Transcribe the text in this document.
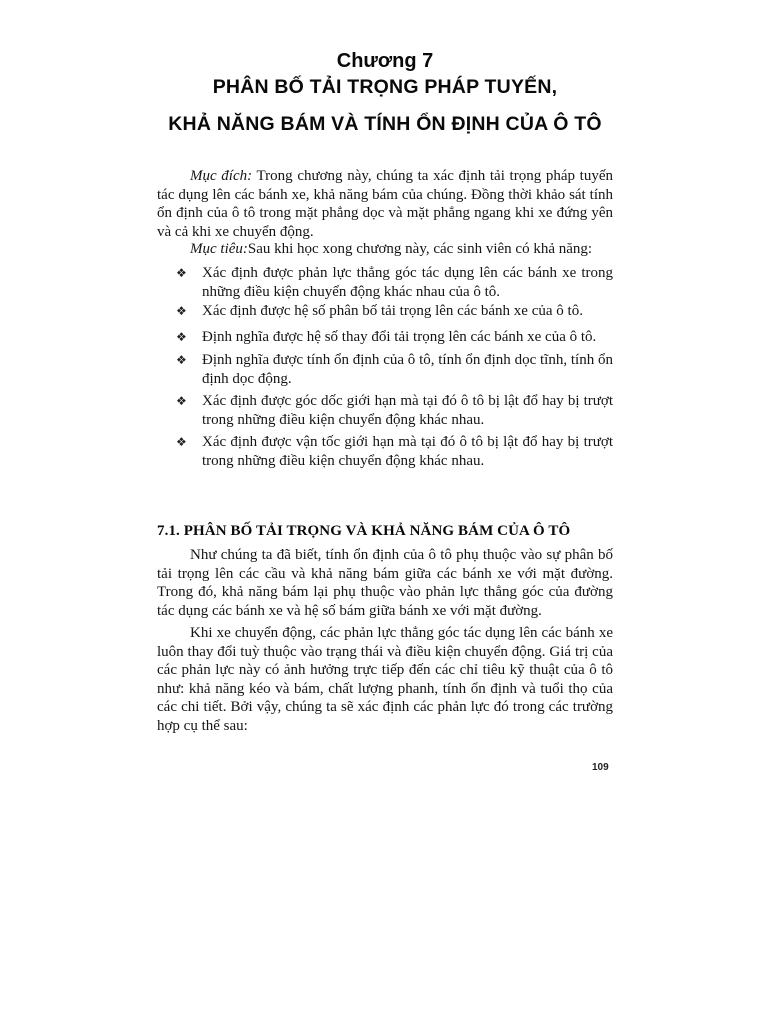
Chương 7
PHÂN BỐ TẢI TRỌNG PHÁP TUYẾN,
KHẢ NĂNG BÁM VÀ TÍNH ỔN ĐỊNH CỦA Ô TÔ

Mục đích: Trong chương này, chúng ta xác định tải trọng pháp tuyến tác dụng lên các bánh xe, khả năng bám của chúng. Đồng thời khảo sát tính ổn định của ô tô trong mặt phẳng dọc và mặt phẳng ngang khi xe đứng yên và cả khi xe chuyển động.

Mục tiêu:Sau khi học xong chương này, các sinh viên có khả năng:

❖	Xác định được phản lực thẳng góc tác dụng lên các bánh xe trong những điều kiện chuyển động khác nhau của ô tô.
❖	Xác định được hệ số phân bố tải trọng lên các bánh xe của ô tô.
❖	Định nghĩa được hệ số thay đổi tải trọng lên các bánh xe của ô tô.
❖	Định nghĩa được tính ổn định của ô tô, tính ổn định dọc tĩnh, tính ổn định dọc động.
❖	Xác định được góc dốc giới hạn mà tại đó ô tô bị lật đổ hay bị trượt trong những điều kiện chuyển động khác nhau.
❖	Xác định được vận tốc giới hạn mà tại đó ô tô bị lật đổ hay bị trượt trong những điều kiện chuyển động khác nhau.
7.1. PHÂN BỐ TẢI TRỌNG VÀ KHẢ NĂNG BÁM CỦA Ô TÔ

Như chúng ta đã biết, tính ổn định của ô tô phụ thuộc vào sự phân bố tải trọng lên các cầu và khả năng bám giữa các bánh xe với mặt đường. Trong đó, khả năng bám lại phụ thuộc vào phản lực thẳng góc của đường tác dụng các bánh xe và hệ số bám giữa bánh xe với mặt đường.

Khi xe chuyển động, các phản lực thẳng góc tác dụng lên các bánh xe luôn thay đổi tuỳ thuộc vào trạng thái và điều kiện chuyển động. Giá trị của các phản lực này có ảnh hưởng trực tiếp đến các chỉ tiêu kỹ thuật của ô tô như: khả năng kéo và bám, chất lượng phanh, tính ổn định và tuổi thọ của các chi tiết. Bởi vậy, chúng ta sẽ xác định các phản lực đó trong các trường hợp cụ thể sau:

109
